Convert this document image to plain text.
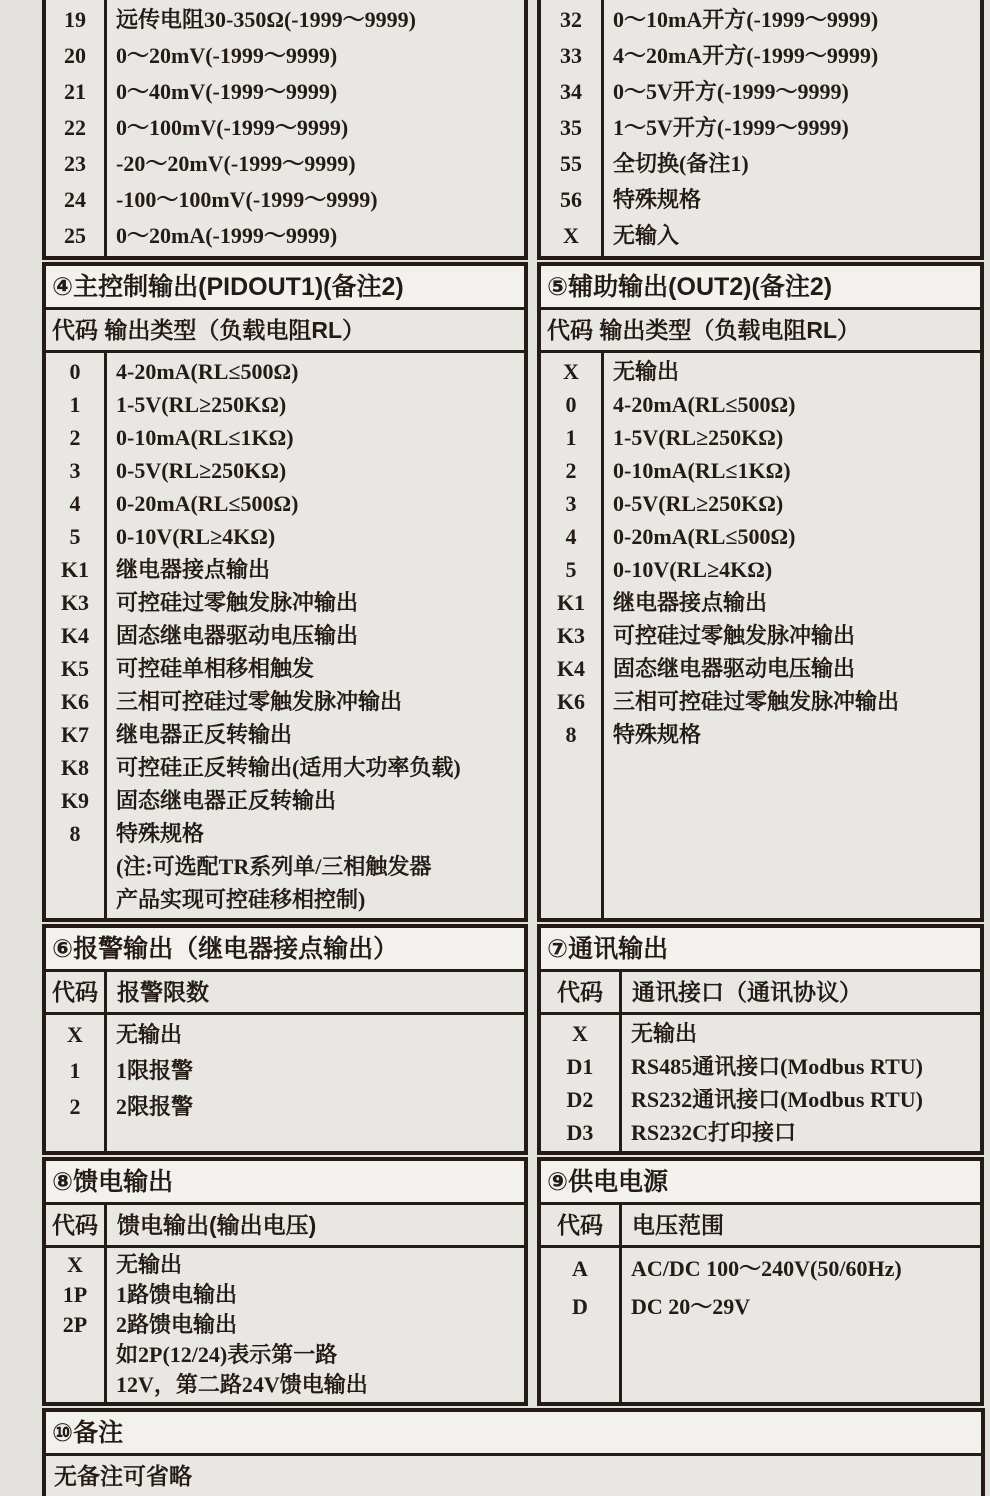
19	远传电阻30-350Ω(-1999～9999)
20	0～20mV(-1999～9999)
21	0～40mV(-1999～9999)
22	0～100mV(-1999～9999)
23	-20～20mV(-1999～9999)
24	-100～100mV(-1999～9999)
25	0～20mA(-1999～9999)
32	0～10mA开方(-1999～9999)
33	4～20mA开方(-1999～9999)
34	0～5V开方(-1999～9999)
35	1～5V开方(-1999～9999)
55	全切换(备注1)
56	特殊规格
X	无输入
④主控制输出(PIDOUT1)(备注2)
代码 输出类型（负载电阻RL）
0	4-20mA(RL≤500Ω)
1	1-5V(RL≥250KΩ)
2	0-10mA(RL≤1KΩ)
3	0-5V(RL≥250KΩ)
4	0-20mA(RL≤500Ω)
5	0-10V(RL≥4KΩ)
K1	继电器接点输出
K3	可控硅过零触发脉冲输出
K4	固态继电器驱动电压输出
K5	可控硅单相移相触发
K6	三相可控硅过零触发脉冲输出
K7	继电器正反转输出
K8	可控硅正反转输出(适用大功率负载)
K9	固态继电器正反转输出
8	特殊规格
(注:可选配TR系列单/三相触发器
产品实现可控硅移相控制)
⑤辅助输出(OUT2)(备注2)
代码 输出类型（负载电阻RL）
X	无输出
0	4-20mA(RL≤500Ω)
1	1-5V(RL≥250KΩ)
2	0-10mA(RL≤1KΩ)
3	0-5V(RL≥250KΩ)
4	0-20mA(RL≤500Ω)
5	0-10V(RL≥4KΩ)
K1	继电器接点输出
K3	可控硅过零触发脉冲输出
K4	固态继电器驱动电压输出
K6	三相可控硅过零触发脉冲输出
8	特殊规格
⑥报警输出（继电器接点输出）
代码 报警限数
X	无输出
1	1限报警
2	2限报警
⑦通讯输出
代码	通讯接口（通讯协议）
X	无输出
D1	RS485通讯接口(Modbus RTU)
D2	RS232通讯接口(Modbus RTU)
D3	RS232C打印接口
⑧馈电输出
代码 馈电输出(输出电压)
X	无输出
1P	1路馈电输出
2P	2路馈电输出
如2P(12/24)表示第一路
12V，第二路24V馈电输出
⑨供电电源
代码	电压范围
A	AC/DC 100～240V(50/60Hz)
D	DC 20～29V
⑩备注
无备注可省略
